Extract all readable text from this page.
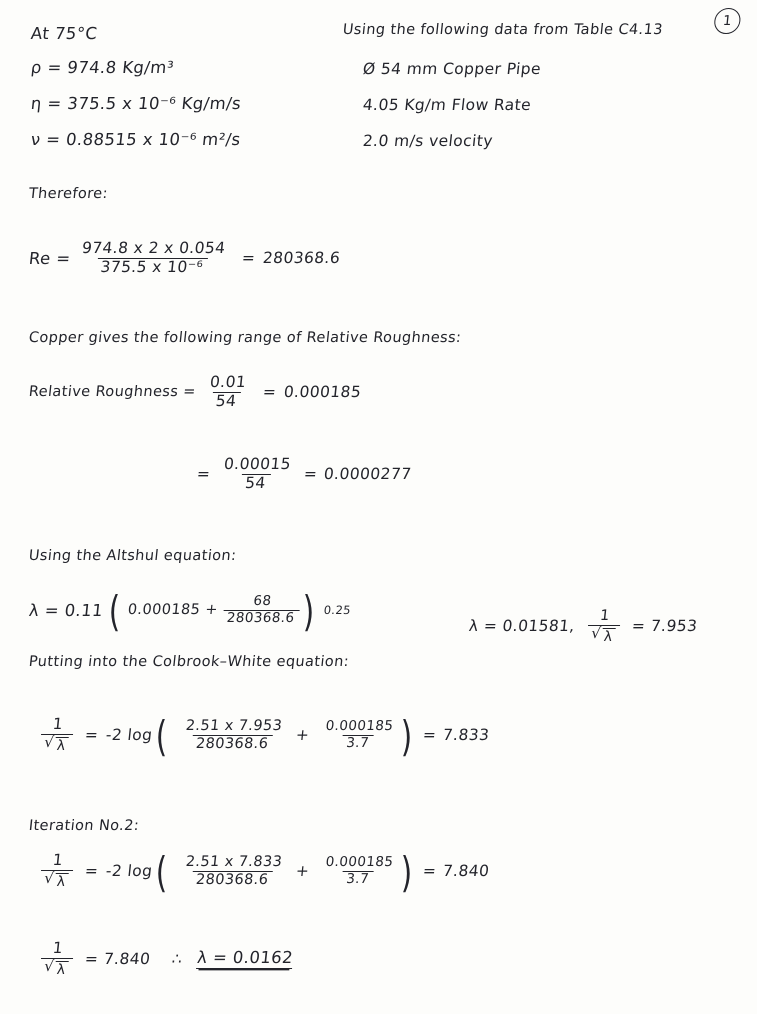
1
At 75°C
ρ = 974.8 Kg/m³
η = 375.5 x 10⁻⁶ Kg/m/s
ν = 0.88515 x 10⁻⁶ m²/s
Using the following data from Table C4.13
Ø 54 mm Copper Pipe
4.05 Kg/m Flow Rate
2.0 m/s velocity
Therefore:
$Re = \frac{974.8 x 2 x 0.054}{\text{375.5 x 10⁻⁶}} = 280368.6$
Copper gives the following range of Relative Roughness:
Relative Roughness = $\frac{0.01}{54} = 0.000185$
= $\frac{0.00015}{54} = 0.0000277$
Using the Altshul equation:
λ = 0.11 ( $0.000185 + \frac{68}{280368.6}$ ) 0.25
λ = 0.01581, $\frac{1}{√ \lambda} = 7.953$
Putting into the Colbrook–White equation:
$\frac{1}{√ \lambda} = -2$ log ( $\frac{2.51 x 7.953}{280368.6} + \frac{0.000185}{3.7}$ ) = 7.833
Iteration No.2:
$\frac{1}{√ \lambda} = -2$ log ( $\frac{2.51 x 7.833}{280368.6} + \frac{0.000185}{3.7}$ ) = 7.840
$\frac{1}{√ \lambda} = 7.840$ ∴ λ = 0.0162
